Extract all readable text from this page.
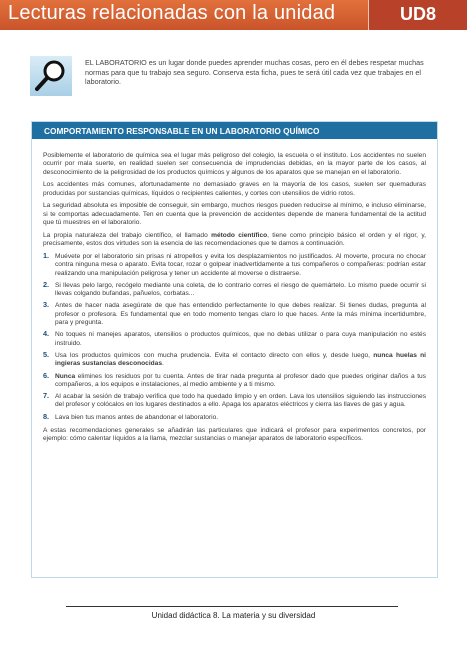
Lecturas relacionadas con la unidad	UD8
EL LABORATORIO es un lugar donde puedes aprender muchas cosas, pero en él debes respetar muchas normas para que tu trabajo sea seguro. Conserva esta ficha, pues te será útil cada vez que trabajes en el laboratorio.
COMPORTAMIENTO RESPONSABLE EN UN LABORATORIO QUÍMICO

Posiblemente el laboratorio de química sea el lugar más peligroso del colegio, la escuela o el instituto. Los accidentes no suelen ocurrir por mala suerte, en realidad suelen ser consecuencia de imprudencias debidas, en la mayor parte de los casos, al desconocimiento de la peligrosidad de los productos químicos y algunos de los aparatos que se manejan en el laboratorio.

Los accidentes más comunes, afortunadamente no demasiado graves en la mayoría de los casos, suelen ser quemaduras producidas por sustancias químicas, líquidos o recipientes calientes, y cortes con utensilios de vidrio rotos.

La seguridad absoluta es imposible de conseguir, sin embargo, muchos riesgos pueden reducirse al mínimo, e incluso eliminarse, si te comportas adecuadamente. Ten en cuenta que la prevención de accidentes depende de manera fundamental de la actitud que tú muestres en el laboratorio.

La propia naturaleza del trabajo científico, el llamado método científico, tiene como principio básico el orden y el rigor, y, precisamente, estos dos virtudes son la esencia de las recomendaciones que te damos a continuación.

1. Muévete por el laboratorio sin prisas ni atropellos y evita los desplazamientos no justificados. Al moverte, procura no chocar contra ninguna mesa o aparato. Evita tocar, rozar o golpear inadvertidamente a tus compañeros o compañeras: podrían estar realizando una manipulación peligrosa y tener un accidente al moverse o distraerse.
2. Si llevas pelo largo, recógelo mediante una coleta, de lo contrario corres el riesgo de quemártelo. Lo mismo puede ocurrir si llevas colgando bufandas, pañuelos, corbatas...
3. Antes de hacer nada asegúrate de que has entendido perfectamente lo que debes realizar. Si tienes dudas, pregunta al profesor o profesora. Es fundamental que en todo momento tengas claro lo que haces. Ante la más mínima incertidumbre, para y pregunta.
4. No toques ni manejes aparatos, utensilios o productos químicos, que no debas utilizar o para cuya manipulación no estés instruido.
5. Usa los productos químicos con mucha prudencia. Evita el contacto directo con ellos y, desde luego, nunca huelas ni ingieras sustancias desconocidas.
6. Nunca elimines los residuos por tu cuenta. Antes de tirar nada pregunta al profesor dado que puedes originar daños a tus compañeros, a los equipos e instalaciones, al medio ambiente y a ti mismo.
7. Al acabar la sesión de trabajo verifica que todo ha quedado limpio y en orden. Lava los utensilios siguiendo las instrucciones del profesor y colócalos en los lugares destinados a ello. Apaga los aparatos eléctricos y cierra las llaves de gas y agua.
8. Lava bien tus manos antes de abandonar el laboratorio.

A estas recomendaciones generales se añadirán las particulares que indicará el profesor para experimentos concretos, por ejemplo: cómo calentar líquidos a la llama, mezclar sustancias o manejar aparatos de laboratorio específicos.

Unidad didáctica 8. La materia y su diversidad
